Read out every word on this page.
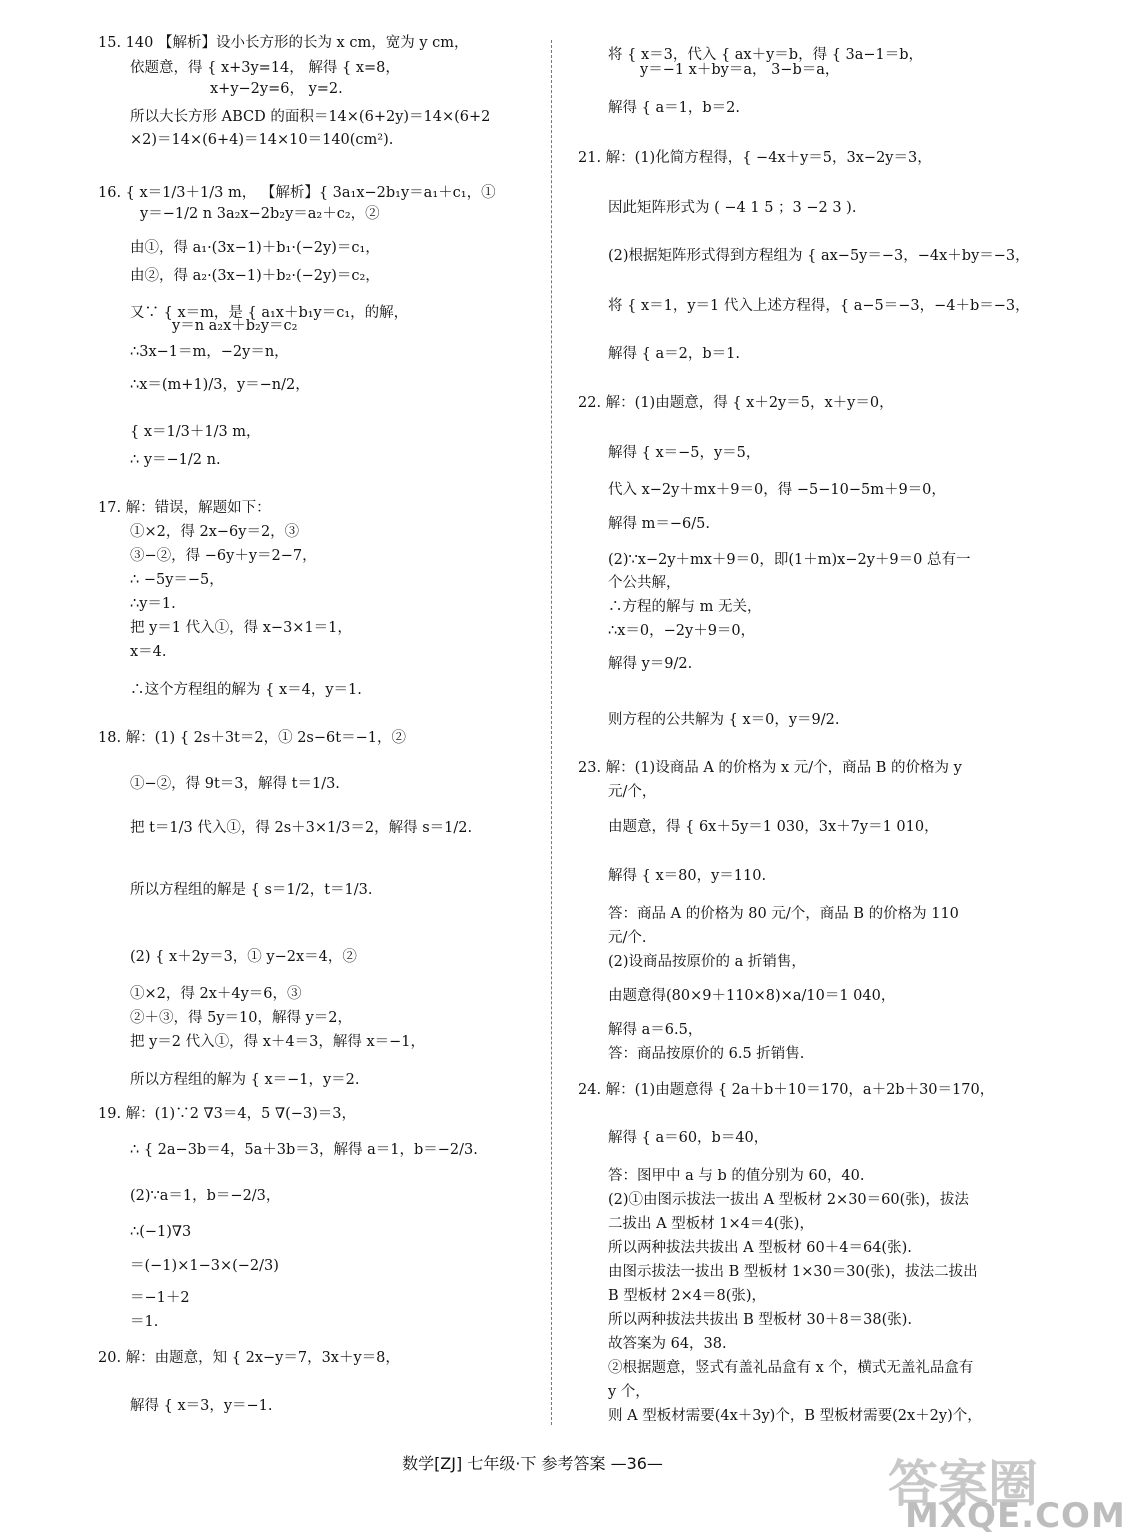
15. 140 【解析】设小长方形的长为 x cm，宽为 y cm，
依题意，得 { x+3y=14， 解得 { x=8，
x+y−2y=6， y=2.
所以大长方形 ABCD 的面积＝14×(6+2y)＝14×(6+2
×2)＝14×(6+4)＝14×10＝140(cm²).
16. { x＝1/3＋1/3 m， 【解析】{ 3a₁x−2b₁y＝a₁＋c₁，①
y＝−1/2 n 3a₂x−2b₂y＝a₂＋c₂，②
由①，得 a₁·(3x−1)＋b₁·(−2y)＝c₁，
由②，得 a₂·(3x−1)＋b₂·(−2y)＝c₂，
又∵ { x＝m，是 { a₁x＋b₁y＝c₁，的解，
y＝n a₂x＋b₂y＝c₂
∴3x−1＝m，−2y＝n，
∴x＝(m+1)/3，y＝−n/2，
{ x＝1/3＋1/3 m，
∴ y＝−1/2 n.
17. 解：错误，解题如下：
①×2，得 2x−6y＝2，③
③−②，得 −6y＋y＝2−7，
∴ −5y＝−5，
∴y＝1.
把 y＝1 代入①，得 x−3×1＝1，
x＝4.
∴这个方程组的解为 { x＝4，y＝1.
18. 解：(1) { 2s＋3t＝2，① 2s−6t＝−1，②
①−②，得 9t＝3，解得 t＝1/3.
把 t＝1/3 代入①，得 2s＋3×1/3＝2，解得 s＝1/2.
所以方程组的解是 { s＝1/2，t＝1/3.
(2) { x＋2y＝3，① y−2x＝4，②
①×2，得 2x＋4y＝6，③
②＋③，得 5y＝10，解得 y＝2，
把 y＝2 代入①，得 x＋4＝3，解得 x＝−1，
所以方程组的解为 { x＝−1，y＝2.
19. 解：(1)∵2 ∇3＝4，5 ∇(−3)＝3，
∴ { 2a−3b＝4，5a＋3b＝3，解得 a＝1，b＝−2/3.
(2)∵a＝1，b＝−2/3，
∴(−1)∇3
＝(−1)×1−3×(−2/3)
＝−1＋2
＝1.
20. 解：由题意，知 { 2x−y＝7，3x＋y＝8，
解得 { x＝3，y＝−1.
将 { x＝3，代入 { ax＋y＝b，得 { 3a−1＝b，
y＝−1 x＋by＝a， 3−b＝a，
解得 { a＝1，b＝2.
21. 解：(1)化简方程得，{ −4x＋y＝5，3x−2y＝3，
因此矩阵形式为 ( −4 1 5 ；3 −2 3 ).
(2)根据矩阵形式得到方程组为 { ax−5y＝−3，−4x＋by＝−3，
将 { x＝1，y＝1 代入上述方程得，{ a−5＝−3，−4＋b＝−3，
解得 { a＝2，b＝1.
22. 解：(1)由题意，得 { x＋2y＝5，x＋y＝0，
解得 { x＝−5，y＝5，
代入 x−2y＋mx＋9＝0，得 −5−10−5m＋9＝0，
解得 m＝−6/5.
(2)∵x−2y＋mx＋9＝0，即(1＋m)x−2y＋9＝0 总有一
个公共解，
∴方程的解与 m 无关，
∴x＝0，−2y＋9＝0，
解得 y＝9/2.
则方程的公共解为 { x＝0，y＝9/2.
23. 解：(1)设商品 A 的价格为 x 元/个，商品 B 的价格为 y
元/个，
由题意，得 { 6x＋5y＝1 030，3x＋7y＝1 010，
解得 { x＝80，y＝110.
答：商品 A 的价格为 80 元/个，商品 B 的价格为 110
元/个.
(2)设商品按原价的 a 折销售，
由题意得(80×9＋110×8)×a/10＝1 040，
解得 a＝6.5，
答：商品按原价的 6.5 折销售.
24. 解：(1)由题意得 { 2a＋b＋10＝170，a＋2b＋30＝170，
解得 { a＝60，b＝40，
答：图甲中 a 与 b 的值分别为 60，40.
(2)①由图示拔法一拔出 A 型板材 2×30＝60(张)，拔法
二拔出 A 型板材 1×4＝4(张)，
所以两种拔法共拔出 A 型板材 60＋4＝64(张).
由图示拔法一拔出 B 型板材 1×30＝30(张)，拔法二拔出
B 型板材 2×4＝8(张)，
所以两种拔法共拔出 B 型板材 30＋8＝38(张).
故答案为 64，38.
②根据题意，竖式有盖礼品盒有 x 个，横式无盖礼品盒有
y 个，
则 A 型板材需要(4x＋3y)个，B 型板材需要(2x＋2y)个，
数学[ZJ] 七年级·下 参考答案 —36—	答案圈
MXQE.COM
